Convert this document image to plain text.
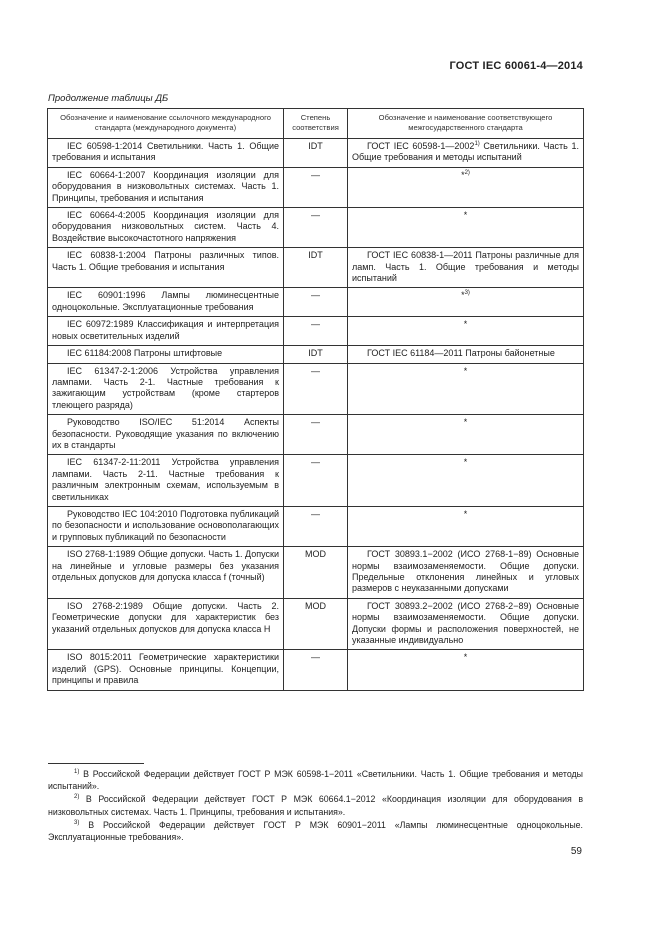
ГОСТ IEC 60061-4—2014
Продолжение таблицы ДБ
Обозначение и наименование ссылочного международного стандарта (международного документа)	Степень соответствия	Обозначение и наименование соответствующего межгосударственного стандарта
IEC 60598-1:2014 Светильники. Часть 1. Общие требования и испытания	IDT	ГОСТ IEC 60598-1—2002$^{1)}$ Светильники. Часть 1. Общие требования и методы испытаний
IEC 60664-1:2007 Координация изоляции для оборудования в низковольтных системах. Часть 1. Принципы, требования и испытания	—	*$^{2)}$
IEC 60664-4:2005 Координация изоляции для оборудования низковольтных систем. Часть 4. Воздействие высокочастотного напряжения	—	*
IEC 60838-1:2004 Патроны различных типов. Часть 1. Общие требования и испытания	IDT	ГОСТ IEC 60838-1—2011 Патроны различные для ламп. Часть 1. Общие требования и методы испытаний
IEC 60901:1996 Лампы люминесцентные одноцокольные. Эксплуатационные требования	—	*$^{3)}$
IEC 60972:1989 Классификация и интерпретация новых осветительных изделий	—	*
IEC 61184:2008 Патроны штифтовые	IDT	ГОСТ IEC 61184—2011 Патроны байонетные
IEC 61347-2-1:2006 Устройства управления лампами. Часть 2-1. Частные требования к зажигающим устройствам (кроме стартеров тлеющего разряда)	—	*
Руководство ISO/IEC 51:2014 Аспекты безопасности. Руководящие указания по включению их в стандарты	—	*
IEC 61347-2-11:2011 Устройства управления лампами. Часть 2-11. Частные требования к различным электронным схемам, используемым в светильниках	—	*
Руководство IEC 104:2010 Подготовка публикаций по безопасности и использование основополагающих и групповых публикаций по безопасности	—	*
ISO 2768-1:1989 Общие допуски. Часть 1. Допуски на линейные и угловые размеры без указания отдельных допусков для допуска класса f (точный)	MOD	ГОСТ 30893.1−2002 (ИСО 2768-1−89) Основные нормы взаимозаменяемости. Общие допуски. Предельные отклонения линейных и угловых размеров с неуказанными допусками
ISO 2768-2:1989 Общие допуски. Часть 2. Геометрические допуски для характеристик без указаний отдельных допусков для допуска класса H	MOD	ГОСТ 30893.2−2002 (ИСО 2768-2−89) Основные нормы взаимозаменяемости. Общие допуски. Допуски формы и расположения поверхностей, не указанные индивидуально
ISO 8015:2011 Геометрические характеристики изделий (GPS). Основные принципы. Концепции, принципы и правила	—	*

$^{1)}$ В Российской Федерации действует ГОСТ Р МЭК 60598-1−2011 «Светильники. Часть 1. Общие требования и методы испытаний».

$^{2)}$ В Российской Федерации действует ГОСТ Р МЭК 60664.1−2012 «Координация изоляции для оборудования в низковольтных системах. Часть 1. Принципы, требования и испытания».

$^{3)}$ В Российской Федерации действует ГОСТ Р МЭК 60901−2011 «Лампы люминесцентные одноцокольные. Эксплуатационные требования».

59
